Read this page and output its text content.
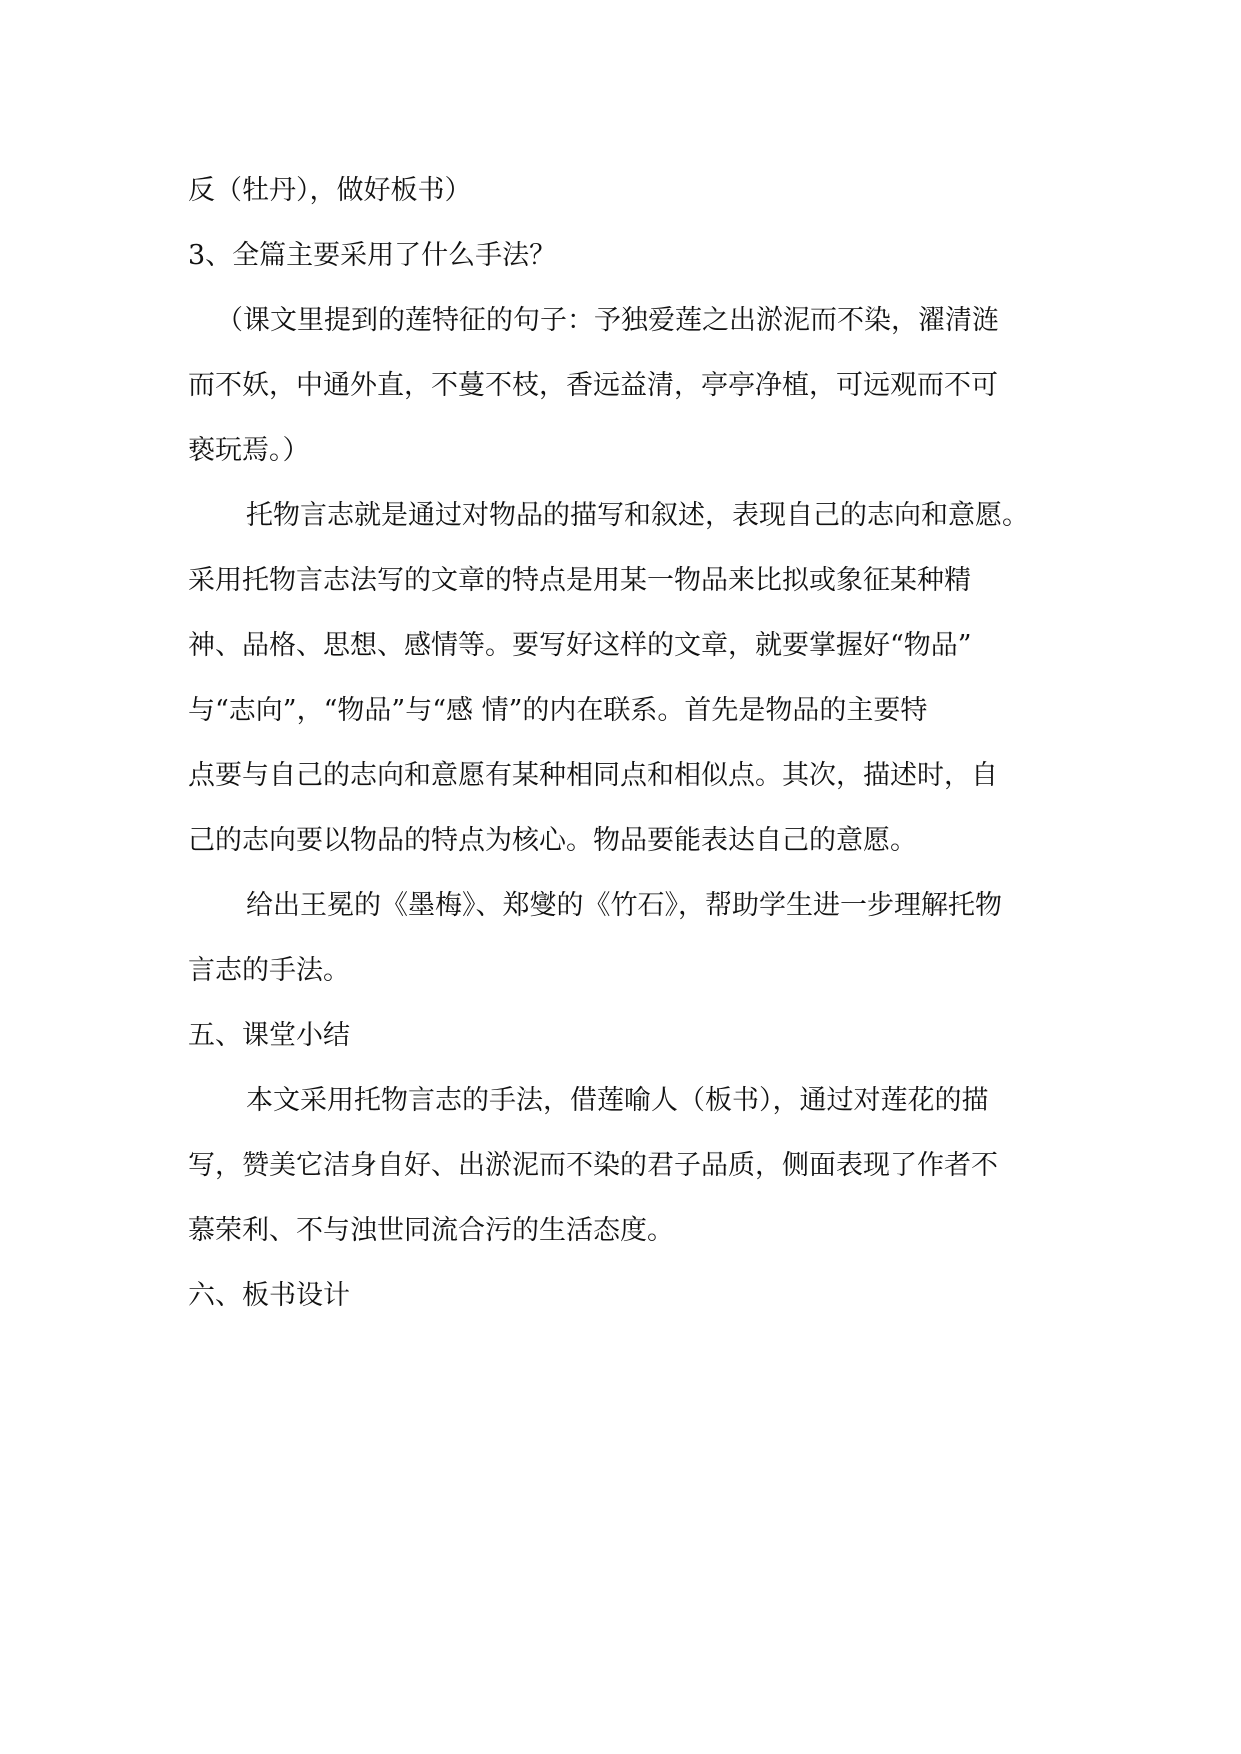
反（牡丹），做好板书）
3、全篇主要采用了什么手法？
（课文里提到的莲特征的句子：予独爱莲之出淤泥而不染，濯清涟
而不妖，中通外直，不蔓不枝，香远益清，亭亭净植，可远观而不可
亵玩焉。）
托物言志就是通过对物品的描写和叙述，表现自己的志向和意愿。
采用托物言志法写的文章的特点是用某一物品来比拟或象征某种精
神、品格、思想、感情等。要写好这样的文章，就要掌握好“物品”
与“志向”，“物品”与“感 情”的内在联系。首先是物品的主要特
点要与自己的志向和意愿有某种相同点和相似点。其次，描述时，自
己的志向要以物品的特点为核心。物品要能表达自己的意愿。
给出王冕的《墨梅》、郑燮的《竹石》，帮助学生进一步理解托物
言志的手法。
五、课堂小结
本文采用托物言志的手法，借莲喻人（板书），通过对莲花的描
写，赞美它洁身自好、出淤泥而不染的君子品质，侧面表现了作者不
慕荣利、不与浊世同流合污的生活态度。
六、板书设计
